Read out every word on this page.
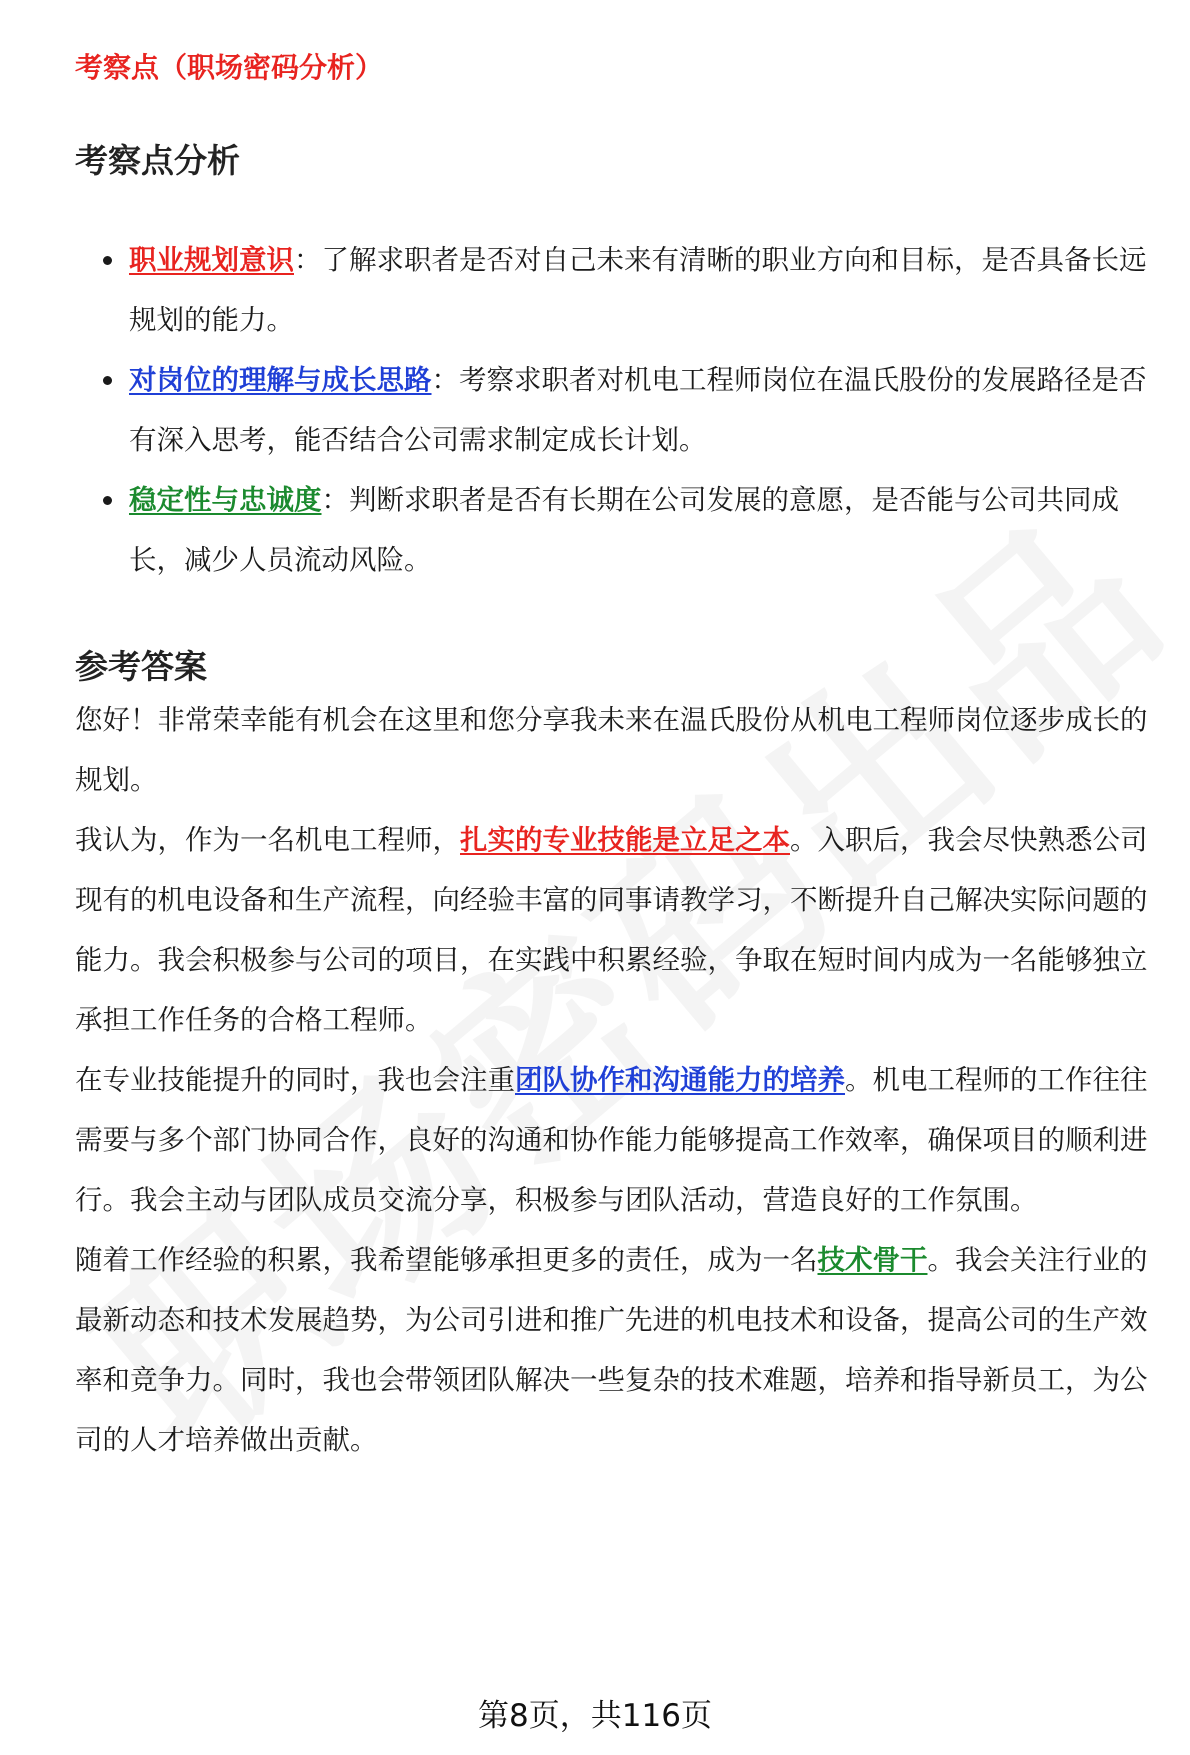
考察点（职场密码分析）
考察点分析
职业规划意识：了解求职者是否对自己未来有清晰的职业方向和目标，是否具备长远规划的能力。
对岗位的理解与成长思路：考察求职者对机电工程师岗位在温氏股份的发展路径是否有深入思考，能否结合公司需求制定成长计划。
稳定性与忠诚度：判断求职者是否有长期在公司发展的意愿，是否能与公司共同成长，减少人员流动风险。
参考答案

您好！非常荣幸能有机会在这里和您分享我未来在温氏股份从机电工程师岗位逐步成长的规划。

我认为，作为一名机电工程师，扎实的专业技能是立足之本。入职后，我会尽快熟悉公司现有的机电设备和生产流程，向经验丰富的同事请教学习，不断提升自己解决实际问题的能力。我会积极参与公司的项目，在实践中积累经验，争取在短时间内成为一名能够独立承担工作任务的合格工程师。

在专业技能提升的同时，我也会注重团队协作和沟通能力的培养。机电工程师的工作往往需要与多个部门协同合作，良好的沟通和协作能力能够提高工作效率，确保项目的顺利进行。我会主动与团队成员交流分享，积极参与团队活动，营造良好的工作氛围。

随着工作经验的积累，我希望能够承担更多的责任，成为一名技术骨干。我会关注行业的最新动态和技术发展趋势，为公司引进和推广先进的机电技术和设备，提高公司的生产效率和竞争力。同时，我也会带领团队解决一些复杂的技术难题，培养和指导新员工，为公司的人才培养做出贡献。

第8页，共116页
